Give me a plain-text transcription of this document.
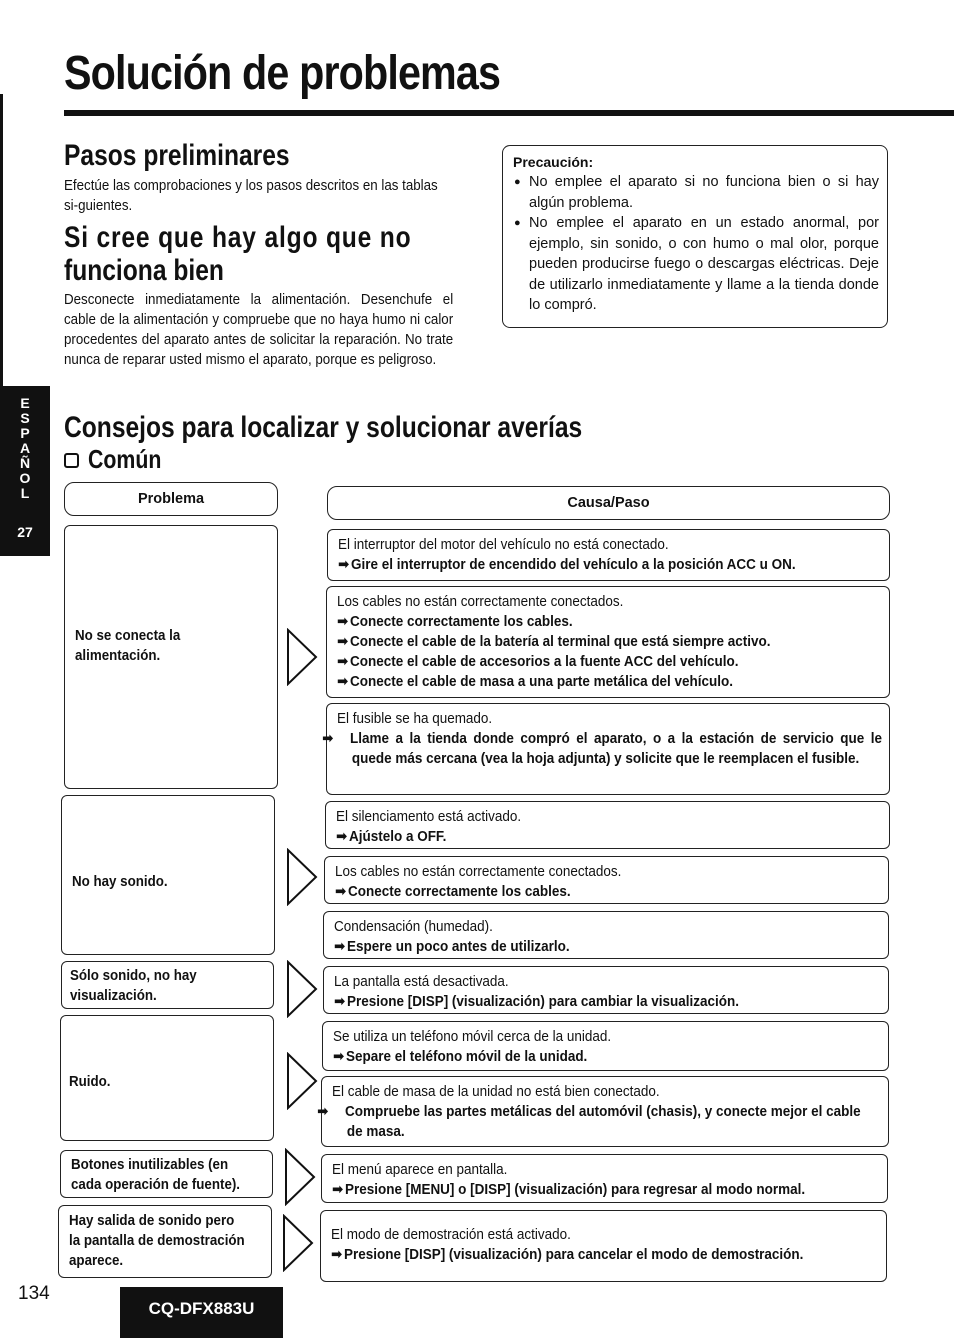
Solución de problemas
Pasos preliminares
Efectúe las comprobaciones y los pasos descritos en las tablas si-guientes.
Si cree que hay algo que no
funciona bien
Desconecte inmediatamente la alimentación. Desenchufe el cable de la alimentación y compruebe que no haya humo ni calor procedentes del aparato antes de solicitar la reparación. No trate nunca de reparar usted mismo el aparato, porque es peligroso.
Precaución:
● No emplee el aparato si no funciona bien o si hay algún problema.
● No emplee el aparato en un estado anormal, por ejemplo, sin sonido, o con humo o mal olor, porque pueden producirse fuego o descargas eléctricas. Deje de utilizarlo inmediatamente y llame a la tienda donde lo compró.
E
S
P
A
Ñ
O
L
27
Consejos para localizar y solucionar averías
Común
Problema	Causa/Paso
No se conecta la alimentación.
No hay sonido.
Sólo sonido, no hay visualización.
Ruido.
Botones inutilizables (en cada operación de fuente).
Hay salida de sonido pero la pantalla de demostración aparece.
El interruptor del motor del vehículo no está conectado.
➡ Gire el interruptor de encendido del vehículo a la posición ACC u ON.
Los cables no están correctamente conectados.
➡ Conecte correctamente los cables.
➡ Conecte el cable de la batería al terminal que está siempre activo.
➡ Conecte el cable de accesorios a la fuente ACC del vehículo.
➡ Conecte el cable de masa a una parte metálica del vehículo.
El fusible se ha quemado.
➡ Llame a la tienda donde compró el aparato, o a la estación de servicio que le quede más cercana (vea la hoja adjunta) y solicite que le reemplacen el fusible.
El silenciamento está activado.
➡ Ajústelo a OFF.
Los cables no están correctamente conectados.
➡ Conecte correctamente los cables.
Condensación (humedad).
➡ Espere un poco antes de utilizarlo.
La pantalla está desactivada.
➡ Presione [DISP] (visualización) para cambiar la visualización.
Se utiliza un teléfono móvil cerca de la unidad.
➡ Separe el teléfono móvil de la unidad.
El cable de masa de la unidad no está bien conectado.
➡ Compruebe las partes metálicas del automóvil (chasis), y conecte mejor el cable de masa.
El menú aparece en pantalla.
➡ Presione [MENU] o [DISP] (visualización) para regresar al modo normal.
El modo de demostración está activado.
➡ Presione [DISP] (visualización) para cancelar el modo de demostración.
134
CQ-DFX883U
